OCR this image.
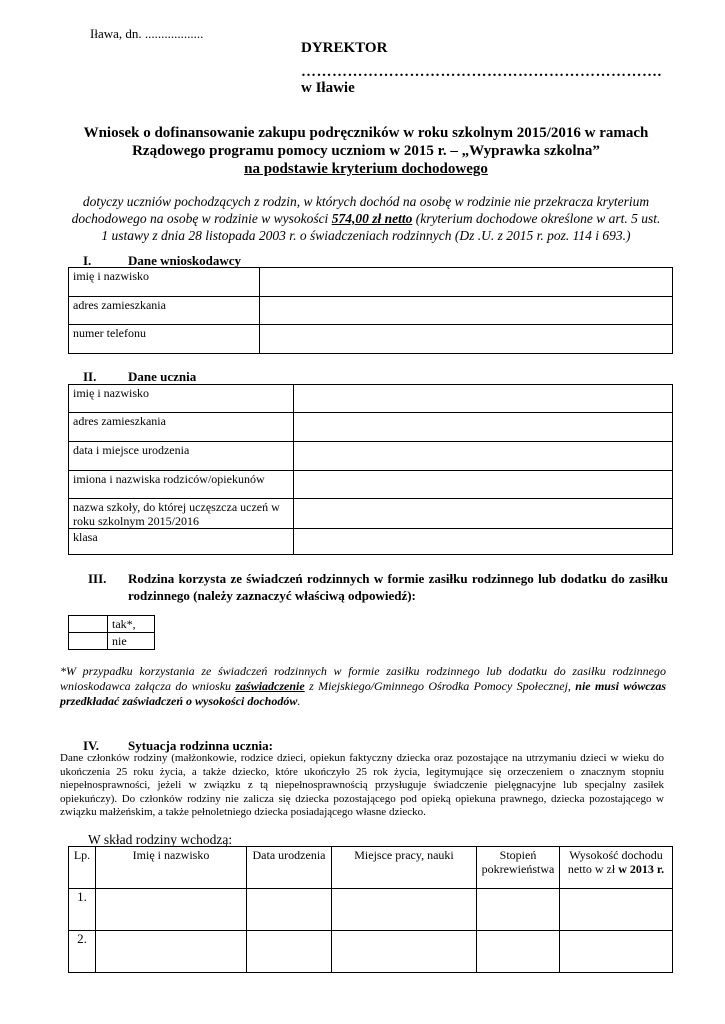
Iława, dn. ..................
DYREKTOR
…………………………………………………………….
w Iławie
Wniosek o dofinansowanie zakupu podręczników w roku szkolnym 2015/2016 w ramach
Rządowego programu pomocy uczniom w 2015 r. – „Wyprawka szkolna”
na podstawie kryterium dochodowego
dotyczy uczniów pochodzących z rodzin, w których dochód na osobę w rodzinie nie przekracza kryterium dochodowego na osobę w rodzinie w wysokości 574,00 zł netto (kryterium dochodowe określone w art. 5 ust. 1 ustawy z dnia 28 listopada 2003 r. o świadczeniach rodzinnych (Dz .U. z 2015 r. poz. 114 i 693.)
I.	Dane wnioskodawcy
imię i nazwisko	
adres zamieszkania	
numer telefonu	
II. Dane ucznia
imię i nazwisko	
adres zamieszkania	
data i miejsce urodzenia	
imiona i nazwiska rodziców/opiekunów	
nazwa szkoły, do której uczęszcza uczeń w roku szkolnym 2015/2016	
klasa	
III. Rodzina korzysta ze świadczeń rodzinnych w formie zasiłku rodzinnego lub dodatku do zasiłku rodzinnego (należy zaznaczyć właściwą odpowiedź):
	tak*,
	nie
*W przypadku korzystania ze świadczeń rodzinnych w formie zasiłku rodzinnego lub dodatku do zasiłku rodzinnego wnioskodawca załącza do wniosku zaświadczenie z Miejskiego/Gminnego Ośrodka Pomocy Społecznej, nie musi wówczas przedkładać zaświadczeń o wysokości dochodów.
IV. Sytuacja rodzinna ucznia:
Dane członków rodziny (małżonkowie, rodzice dzieci, opiekun faktyczny dziecka oraz pozostające na utrzymaniu dzieci w wieku do ukończenia 25 roku życia, a także dziecko, które ukończyło 25 rok życia, legitymujące się orzeczeniem o znacznym stopniu niepełnosprawności, jeżeli w związku z tą niepełnosprawnością przysługuje świadczenie pielęgnacyjne lub specjalny zasiłek opiekuńczy). Do członków rodziny nie zalicza się dziecka pozostającego pod opieką opiekuna prawnego, dziecka pozostającego w związku małżeńskim, a także pełnoletniego dziecka posiadającego własne dziecko.
W skład rodziny wchodzą:
Lp.	Imię i nazwisko	Data urodzenia	Miejsce pracy, nauki	Stopień pokrewieństwa	Wysokość dochodu netto w zł w 2013 r.
1.					
2.					
